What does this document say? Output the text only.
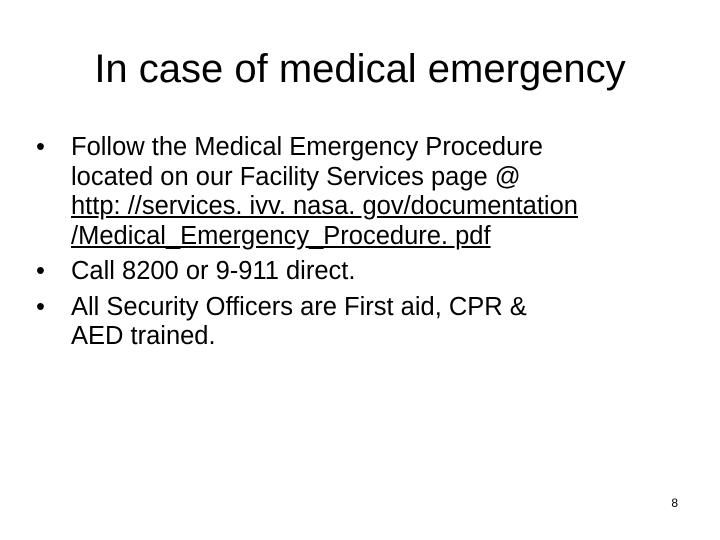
In case of medical emergency
•	Follow the Medical Emergency Procedure
located on our Facility Services page @
http: //services. ivv. nasa. gov/documentation
/Medical_Emergency_Procedure. pdf
•	Call 8200 or 9-911 direct.
•	All Security Officers are First aid, CPR &
AED trained.
8
